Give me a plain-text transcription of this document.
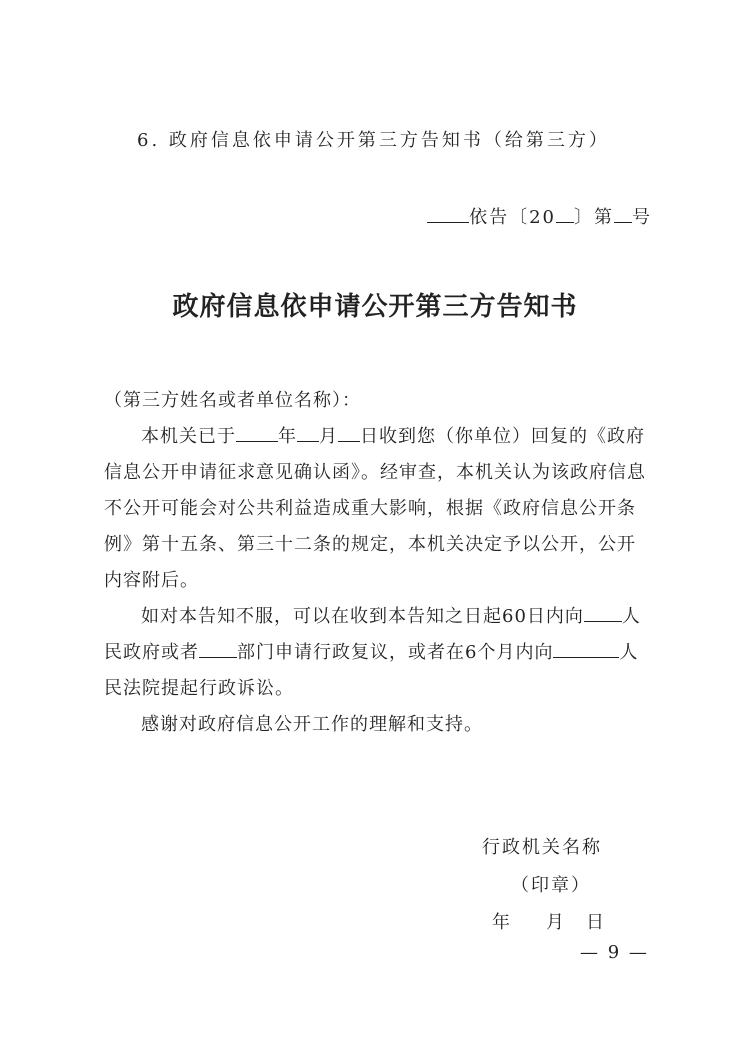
6. 政府信息依申请公开第三方告知书（给第三方）
依告〔20 〕第 号
政府信息依申请公开第三方告知书

（第三方姓名或者单位名称）：

本机关已于 年 月 日收到您（你单位）回复的《政府信息公开申请征求意见确认函》。经审查，本机关认为该政府信息不公开可能会对公共利益造成重大影响，根据《政府信息公开条例》第十五条、第三十二条的规定，本机关决定予以公开，公开内容附后。

如对本告知不服，可以在收到本告知之日起60日内向 人民政府或者 部门申请行政复议，或者在6个月内向	人民法院提起行政诉讼。

感谢对政府信息公开工作的理解和支持。

行政机关名称
（印章）
年 月 日
— 9 —
